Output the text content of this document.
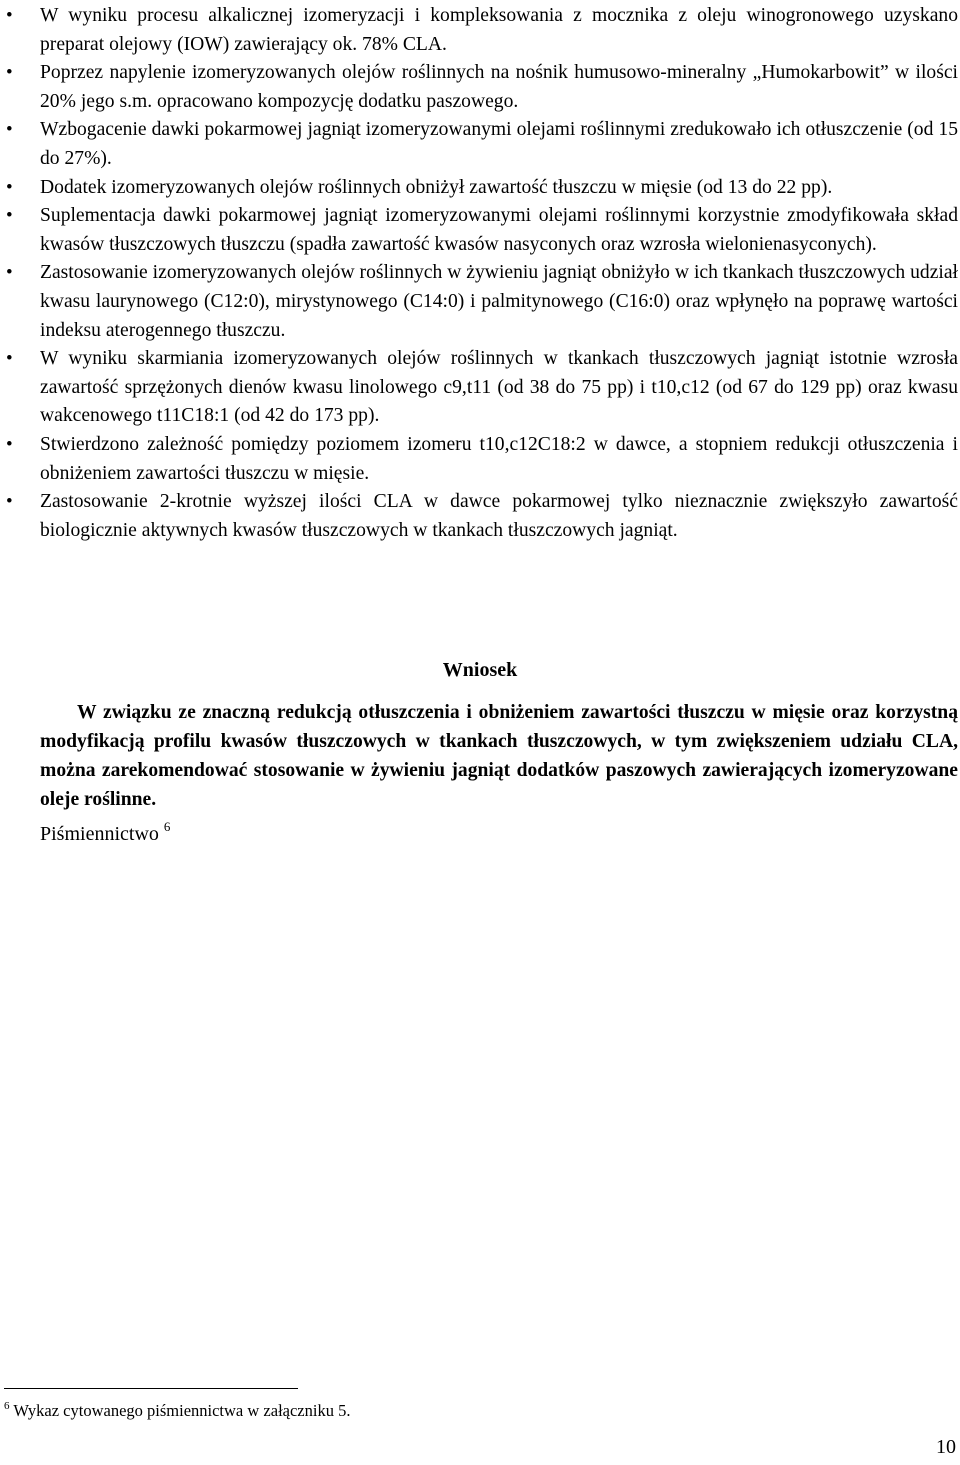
• W wyniku procesu alkalicznej izomeryzacji i kompleksowania z mocznika z oleju winogronowego uzyskano preparat olejowy (IOW) zawierający ok. 78% CLA.
• Poprzez napylenie izomeryzowanych olejów roślinnych na nośnik humusowo-mineralny „Humokarbowit” w ilości 20% jego s.m. opracowano kompozycję dodatku paszowego.
• Wzbogacenie dawki pokarmowej jagniąt izomeryzowanymi olejami roślinnymi zredukowało ich otłuszczenie (od 15 do 27%).
• Dodatek izomeryzowanych olejów roślinnych obniżył zawartość tłuszczu w mięsie (od 13 do 22 pp).
• Suplementacja dawki pokarmowej jagniąt izomeryzowanymi olejami roślinnymi korzystnie zmodyfikowała skład kwasów tłuszczowych tłuszczu (spadła zawartość kwasów nasyconych oraz wzrosła wielonienasyconych).
• Zastosowanie izomeryzowanych olejów roślinnych w żywieniu jagniąt obniżyło w ich tkankach tłuszczowych udział kwasu laurynowego (C12:0), mirystynowego (C14:0) i palmitynowego (C16:0) oraz wpłynęło na poprawę wartości indeksu aterogennego tłuszczu.
• W wyniku skarmiania izomeryzowanych olejów roślinnych w tkankach tłuszczowych jagniąt istotnie wzrosła zawartość sprzężonych dienów kwasu linolowego c9,t11 (od 38 do 75 pp) i t10,c12 (od 67 do 129 pp) oraz kwasu wakcenowego t11C18:1 (od 42 do 173 pp).
• Stwierdzono zależność pomiędzy poziomem izomeru t10,c12C18:2 w dawce, a stopniem redukcji otłuszczenia i obniżeniem zawartości tłuszczu w mięsie.
• Zastosowanie 2-krotnie wyższej ilości CLA w dawce pokarmowej tylko nieznacznie zwiększyło zawartość biologicznie aktywnych kwasów tłuszczowych w tkankach tłuszczowych jagniąt.
Wniosek

W związku ze znaczną redukcją otłuszczenia i obniżeniem zawartości tłuszczu w mięsie oraz korzystną modyfikacją profilu kwasów tłuszczowych w tkankach tłuszczowych, w tym zwiększeniem udziału CLA, można zarekomendować stosowanie w żywieniu jagniąt dodatków paszowych zawierających izomeryzowane oleje roślinne.

Piśmiennictwo $^6$
$^6$ Wykaz cytowanego piśmiennictwa w załączniku 5.
10
